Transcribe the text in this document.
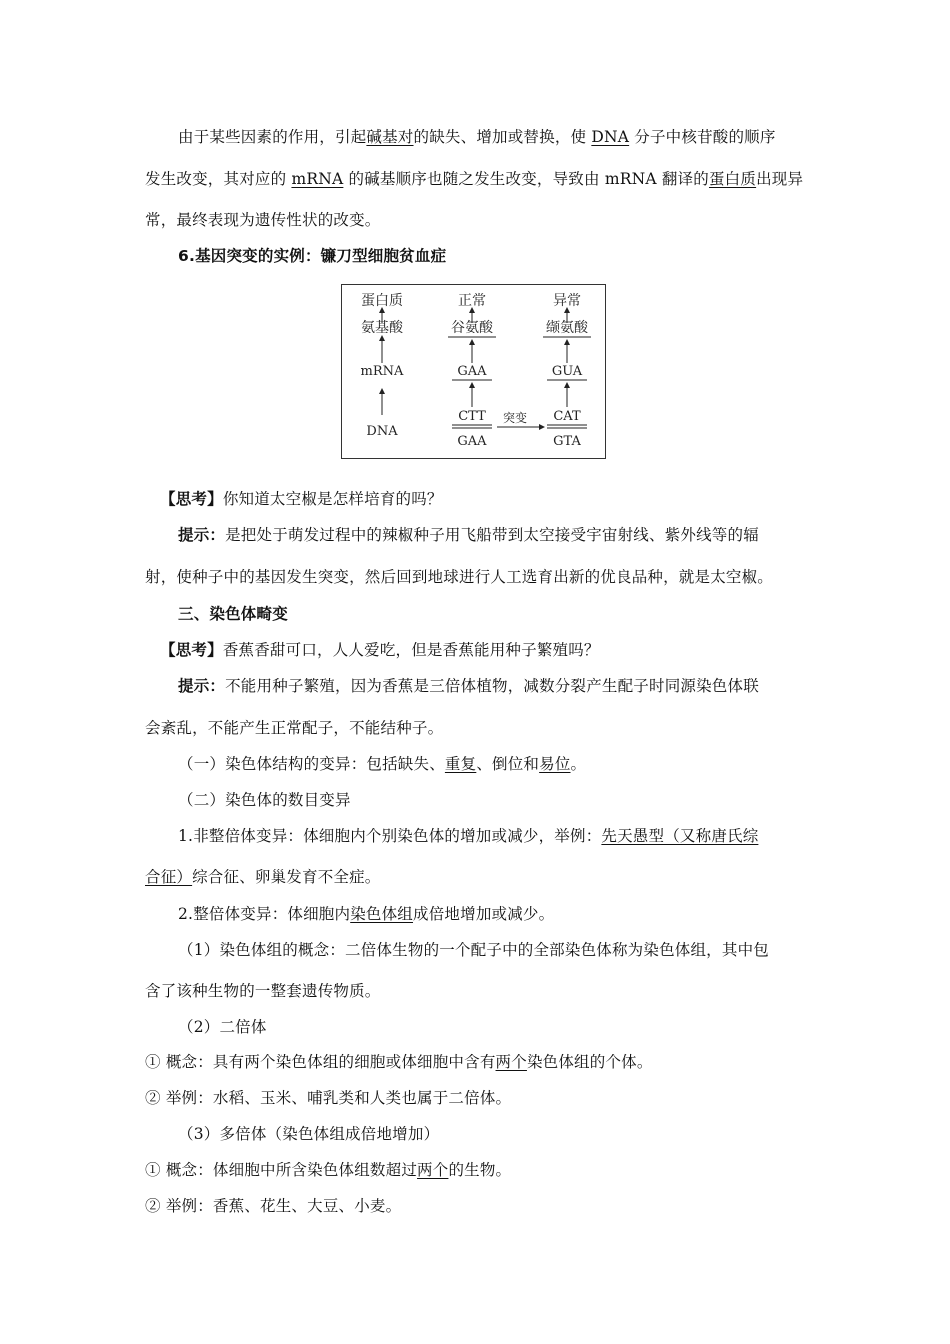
由于某些因素的作用，引起碱基对的缺失、增加或替换，使 DNA 分子中核苷酸的顺序
发生改变，其对应的 mRNA 的碱基顺序也随之发生改变，导致由 mRNA 翻译的蛋白质出现异
常，最终表现为遗传性状的改变。
6.基因突变的实例：镰刀型细胞贫血症
蛋白质
氨基酸
mRNA
DNA
正常
谷氨酸
GAA
CTT
GAA
突变
异常
缬氨酸
GUA
CAT
GTA
【思考】你知道太空椒是怎样培育的吗？
提示：是把处于萌发过程中的辣椒种子用飞船带到太空接受宇宙射线、紫外线等的辐
射，使种子中的基因发生突变，然后回到地球进行人工选育出新的优良品种，就是太空椒。
三、染色体畸变
【思考】香蕉香甜可口，人人爱吃，但是香蕉能用种子繁殖吗？
提示：不能用种子繁殖，因为香蕉是三倍体植物，减数分裂产生配子时同源染色体联
会紊乱，不能产生正常配子，不能结种子。
（一）染色体结构的变异：包括缺失、重复、倒位和易位。
（二）染色体的数目变异
1.非整倍体变异：体细胞内个别染色体的增加或减少，举例：先天愚型（又称唐氏综
合征）综合征、卵巢发育不全症。
2.整倍体变异：体细胞内染色体组成倍地增加或减少。
（1）染色体组的概念：二倍体生物的一个配子中的全部染色体称为染色体组，其中包
含了该种生物的一整套遗传物质。
（2）二倍体
① 概念：具有两个染色体组的细胞或体细胞中含有两个染色体组的个体。
② 举例：水稻、玉米、哺乳类和人类也属于二倍体。
（3）多倍体（染色体组成倍地增加）
① 概念：体细胞中所含染色体组数超过两个的生物。
② 举例：香蕉、花生、大豆、小麦。
